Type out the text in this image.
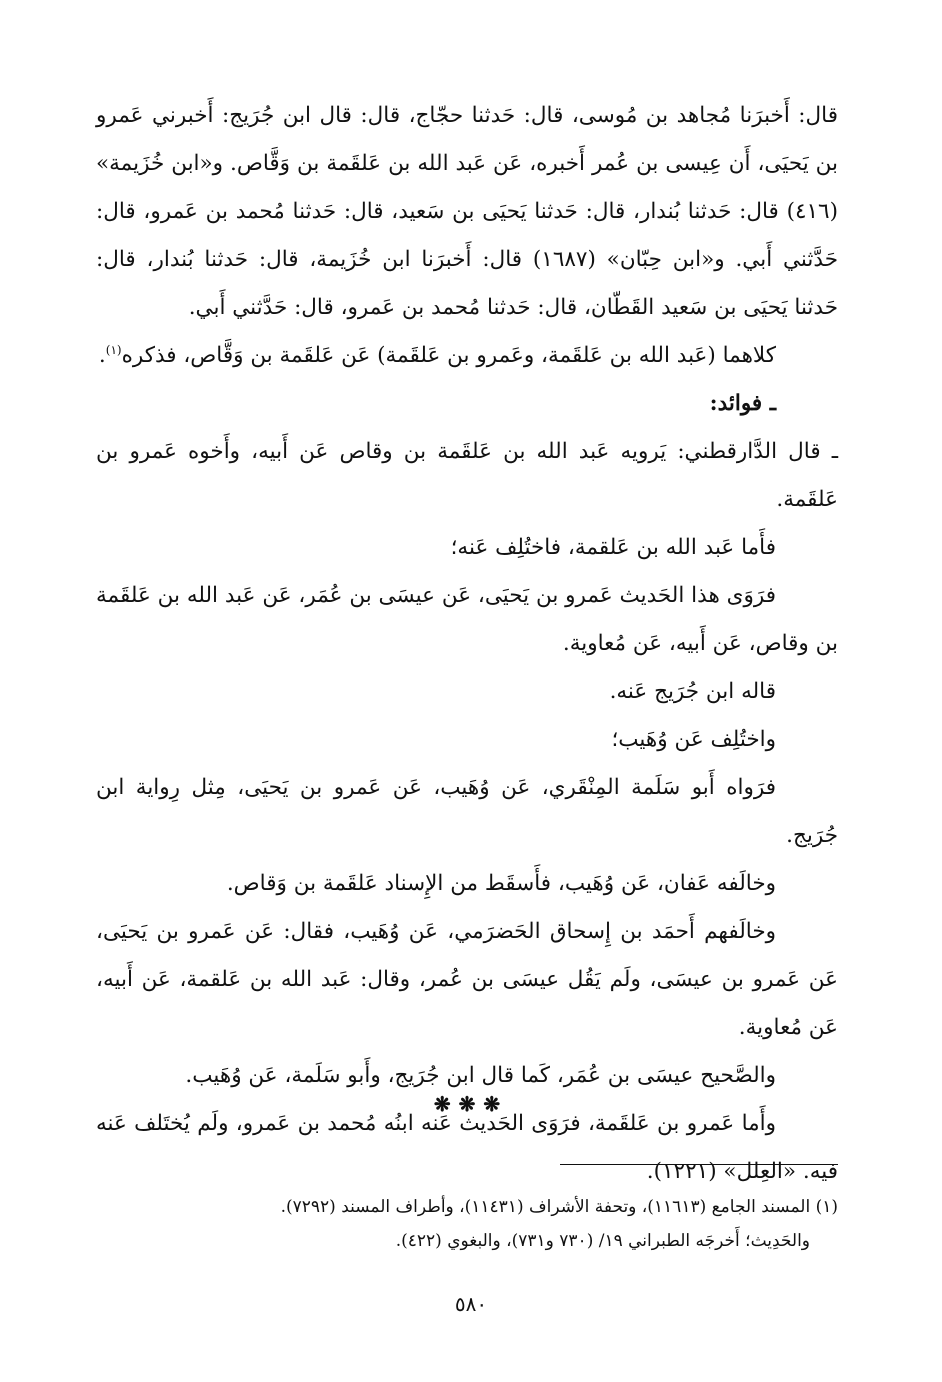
قال: أَخبرَنا مُجاهد بن مُوسى، قال: حَدثنا حجّاج، قال: قال ابن جُرَيج: أَخبرني عَمرو بن يَحيَى، أَن عِيسى بن عُمر أَخبره، عَن عَبد الله بن عَلقَمة بن وَقَّاص. و«ابن خُزَيمة» (٤١٦) قال: حَدثنا بُندار، قال: حَدثنا يَحيَى بن سَعيد، قال: حَدثنا مُحمد بن عَمرو، قال: حَدَّثني أَبي. و«ابن حِبّان» (١٦٨٧) قال: أَخبرَنا ابن خُزَيمة، قال: حَدثنا بُندار، قال: حَدثنا يَحيَى بن سَعيد القَطّان، قال: حَدثنا مُحمد بن عَمرو، قال: حَدَّثني أَبي.

كلاهما (عَبد الله بن عَلقَمة، وعَمرو بن عَلقَمة) عَن عَلقَمة بن وَقَّاص، فذكره$^{(١)}$.

ـ فوائد:

ـ قال الدَّارقطني: يَرويه عَبد الله بن عَلقَمة بن وقاص عَن أَبيه، وأَخوه عَمرو بن عَلقَمة.

فأَما عَبد الله بن عَلقمة، فاختُلِف عَنه؛

فرَوَى هذا الحَديث عَمرو بن يَحيَى، عَن عيسَى بن عُمَر، عَن عَبد الله بن عَلقَمة بن وقاص، عَن أَبيه، عَن مُعاوية.

قاله ابن جُرَيج عَنه.

واختُلِف عَن وُهَيب؛

فرَواه أَبو سَلَمة المِنْقَري، عَن وُهَيب، عَن عَمرو بن يَحيَى، مِثل رِواية ابن جُرَيج.

وخالَفه عَفان، عَن وُهَيب، فأَسقَط من الإِسناد عَلقَمة بن وَقاص.

وخالَفهم أَحمَد بن إِسحاق الحَضرَمي، عَن وُهَيب، فقال: عَن عَمرو بن يَحيَى، عَن عَمرو بن عيسَى، ولَم يَقُل عيسَى بن عُمر، وقال: عَبد الله بن عَلقمة، عَن أَبيه، عَن مُعاوية.

والصَّحيح عيسَى بن عُمَر، كَما قال ابن جُرَيج، وأَبو سَلَمة، عَن وُهَيب.

وأَما عَمرو بن عَلقَمة، فرَوَى الحَديث عَنه ابنُه مُحمد بن عَمرو، ولَم يُختَلف عَنه فيه. «العِلل» (١٢٢١).

❋❋❋

(١) المسند الجامع (١١٦١٣)، وتحفة الأشراف (١١٤٣١)، وأطراف المسند (٧٢٩٢).

والحَدِيث؛ أَخرجَه الطبراني ١٩/ (٧٣٠ و٧٣١)، والبغوي (٤٢٢).

٥٨٠
